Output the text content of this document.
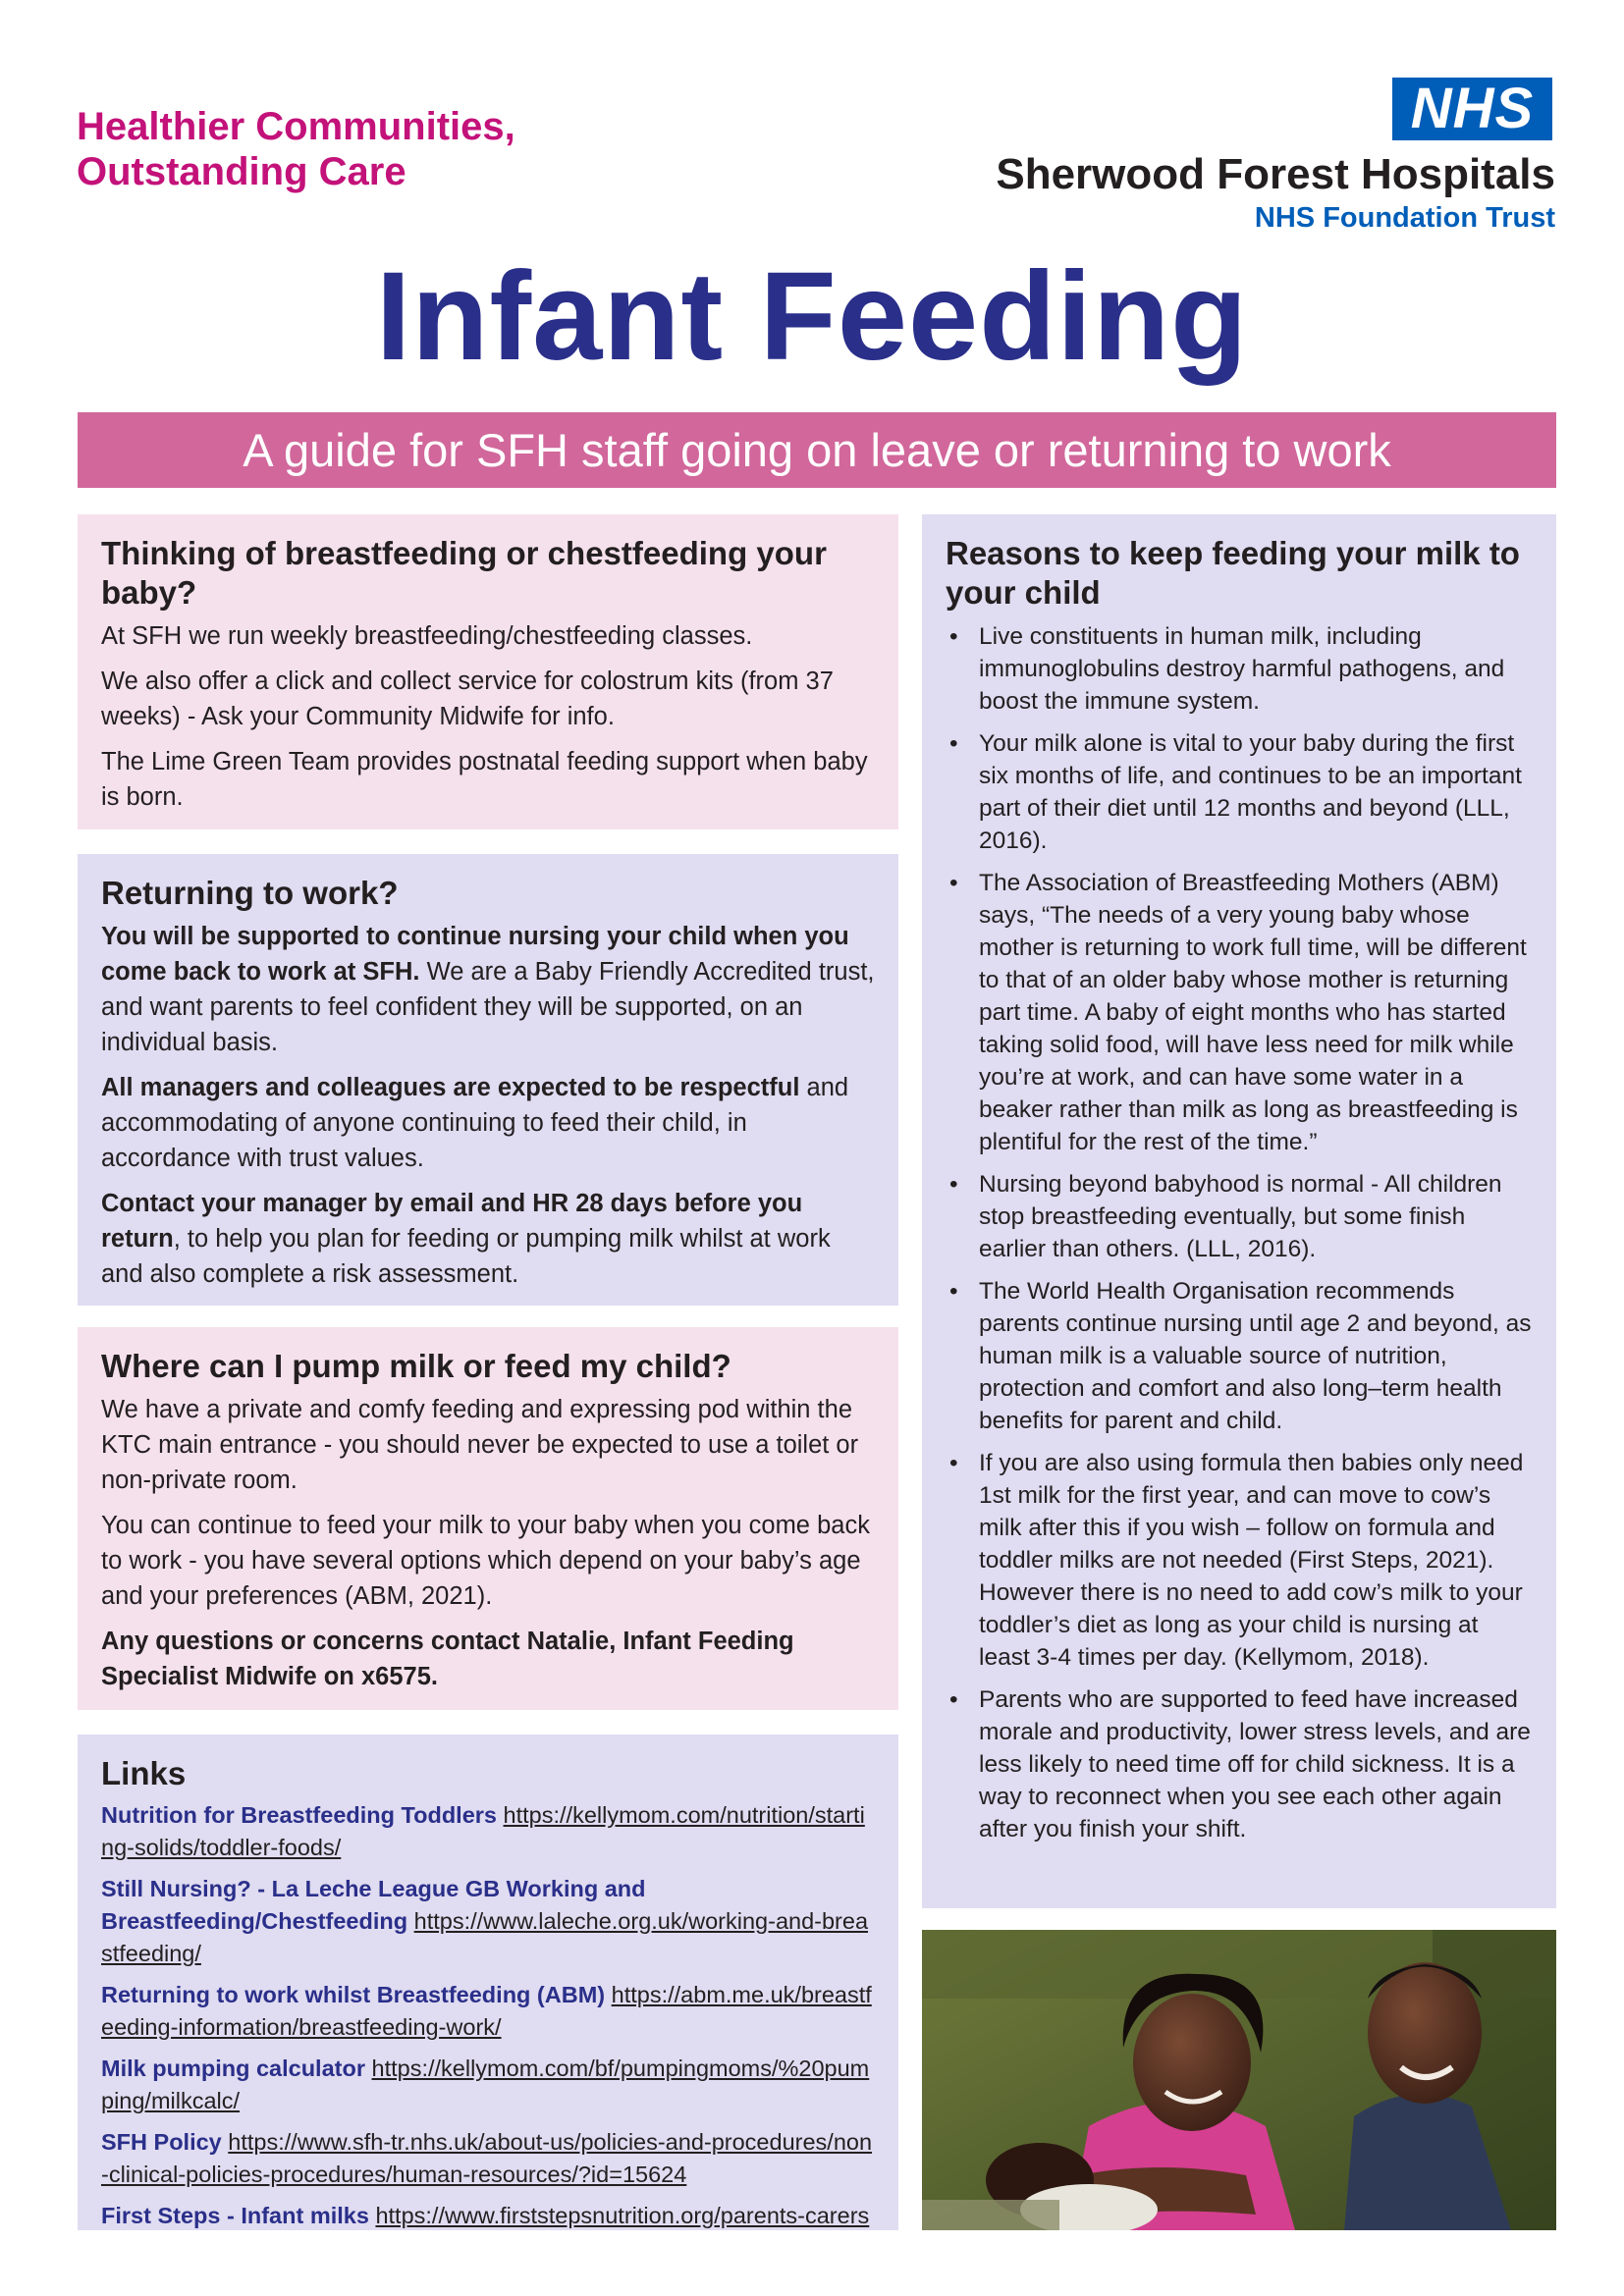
Healthier Communities,
Outstanding Care
NHS
Sherwood Forest Hospitals
NHS Foundation Trust
Infant Feeding
A guide for SFH staff going on leave or returning to work
Thinking of breastfeeding or chestfeeding your baby?

At SFH we run weekly breastfeeding/chestfeeding classes.

We also offer a click and collect service for colostrum kits (from 37 weeks) - Ask your Community Midwife for info.

The Lime Green Team provides postnatal feeding support when baby is born.

Returning to work?

You will be supported to continue nursing your child when you come back to work at SFH. We are a Baby Friendly Accredited trust, and want parents to feel confident they will be supported, on an individual basis.

All managers and colleagues are expected to be respectful and accommodating of anyone continuing to feed their child, in accordance with trust values.

Contact your manager by email and HR 28 days before you return, to help you plan for feeding or pumping milk whilst at work and also complete a risk assessment.

Where can I pump milk or feed my child?

We have a private and comfy feeding and expressing pod within the KTC main entrance - you should never be expected to use a toilet or non-private room.

You can continue to feed your milk to your baby when you come back to work - you have several options which depend on your baby’s age and your preferences (ABM, 2021).

Any questions or concerns contact Natalie, Infant Feeding Specialist Midwife on x6575.

Links

Nutrition for Breastfeeding Toddlers https://kellymom.com/nutrition/starting-solids/toddler-foods/

Still Nursing? - La Leche League GB Working and Breastfeeding/Chestfeeding https://www.laleche.org.uk/working-and-breastfeeding/

Returning to work whilst Breastfeeding (ABM) https://abm.me.uk/breastfeeding-information/breastfeeding-work/

Milk pumping calculator https://kellymom.com/bf/pumpingmoms/%20pumping/milkcalc/

SFH Policy https://www.sfh-tr.nhs.uk/about-us/policies-and-procedures/non-clinical-policies-procedures/human-resources/?id=15624

First Steps - Infant milks https://www.firststepsnutrition.org/parents-carers

Reasons to keep feeding your milk to your child
• Live constituents in human milk, including immunoglobulins destroy harmful pathogens, and boost the immune system.
• Your milk alone is vital to your baby during the first six months of life, and continues to be an important part of their diet until 12 months and beyond (LLL, 2016).
• The Association of Breastfeeding Mothers (ABM) says, “The needs of a very young baby whose mother is returning to work full time, will be different to that of an older baby whose mother is returning part time. A baby of eight months who has started taking solid food, will have less need for milk while you’re at work, and can have some water in a beaker rather than milk as long as breastfeeding is plentiful for the rest of the time.”
• Nursing beyond babyhood is normal - All children stop breastfeeding eventually, but some finish earlier than others. (LLL, 2016).
• The World Health Organisation recommends parents continue nursing until age 2 and beyond, as human milk is a valuable source of nutrition, protection and comfort and also long–term health benefits for parent and child.
• If you are also using formula then babies only need 1st milk for the first year, and can move to cow’s milk after this if you wish – follow on formula and toddler milks are not needed (First Steps, 2021). However there is no need to add cow’s milk to your toddler’s diet as long as your child is nursing at least 3-4 times per day. (Kellymom, 2018).
• Parents who are supported to feed have increased morale and productivity, lower stress levels, and are less likely to need time off for child sickness. It is a way to reconnect when you see each other again after you finish your shift.
